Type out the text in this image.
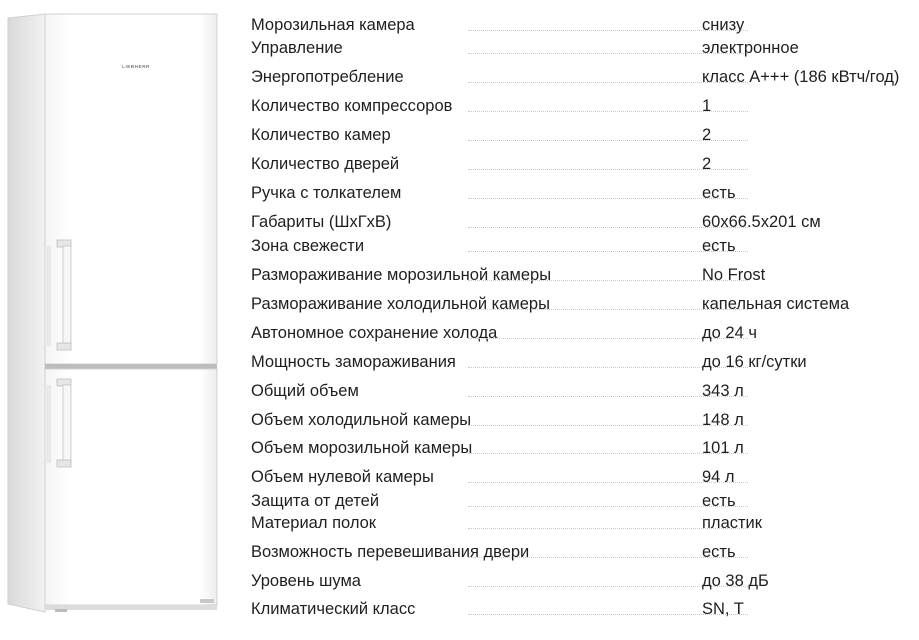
LIEBHERR
Морозильная камера	снизу
Управление	электронное
Энергопотребление	класс A+++ (186 кВтч/год)
Количество компрессоров	1
Количество камер	2
Количество дверей	2
Ручка с толкателем	есть
Габариты (ШхГхВ)	60x66.5x201 см
Зона свежести	есть
Размораживание морозильной камеры	No Frost
Размораживание холодильной камеры	капельная система
Автономное сохранение холода	до 24 ч
Мощность замораживания	до 16 кг/сутки
Общий объем	343 л
Объем холодильной камеры	148 л
Объем морозильной камеры	101 л
Объем нулевой камеры	94 л
Защита от детей	есть
Материал полок	пластик
Возможность перевешивания двери	есть
Уровень шума	до 38 дБ
Климатический класс	SN, T
